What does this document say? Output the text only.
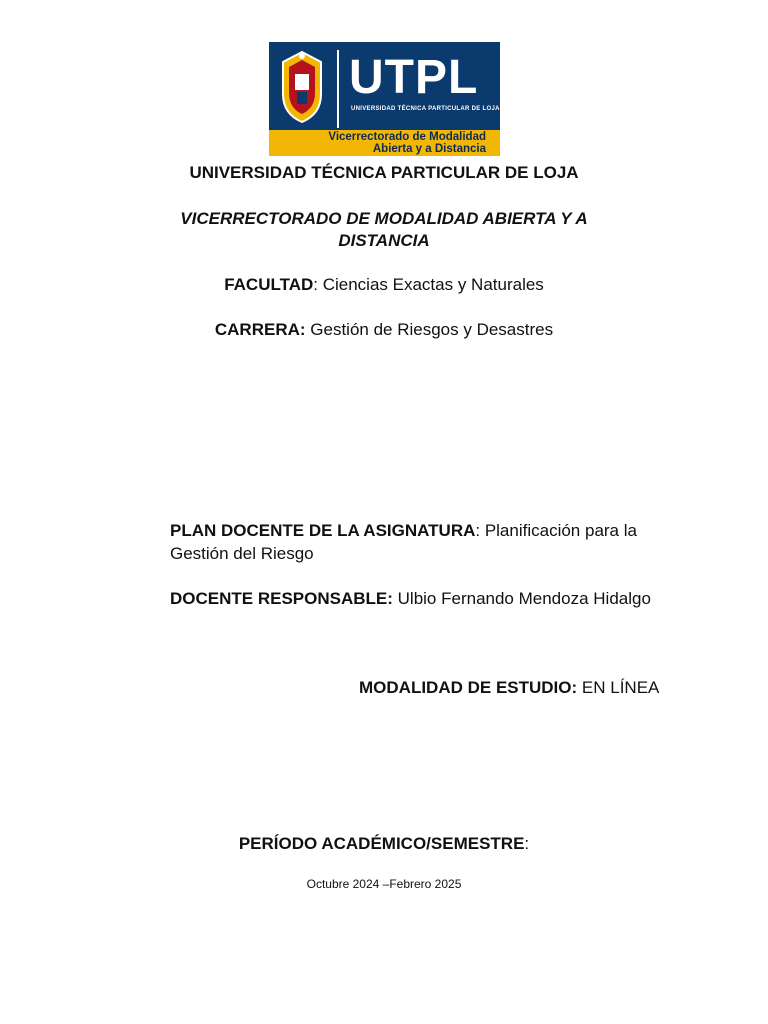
UTPL
UNIVERSIDAD TÉCNICA PARTICULAR DE LOJA
Vicerrectorado de Modalidad
Abierta y a Distancia
UNIVERSIDAD TÉCNICA PARTICULAR DE LOJA
VICERRECTORADO DE MODALIDAD ABIERTA Y A
DISTANCIA
FACULTAD: Ciencias Exactas y Naturales
CARRERA: Gestión de Riesgos y Desastres
PLAN DOCENTE DE LA ASIGNATURA: Planificación para la
Gestión del Riesgo
DOCENTE RESPONSABLE: Ulbio Fernando Mendoza Hidalgo
MODALIDAD DE ESTUDIO: EN LÍNEA
PERÍODO ACADÉMICO/SEMESTRE:
Octubre 2024 –Febrero 2025
